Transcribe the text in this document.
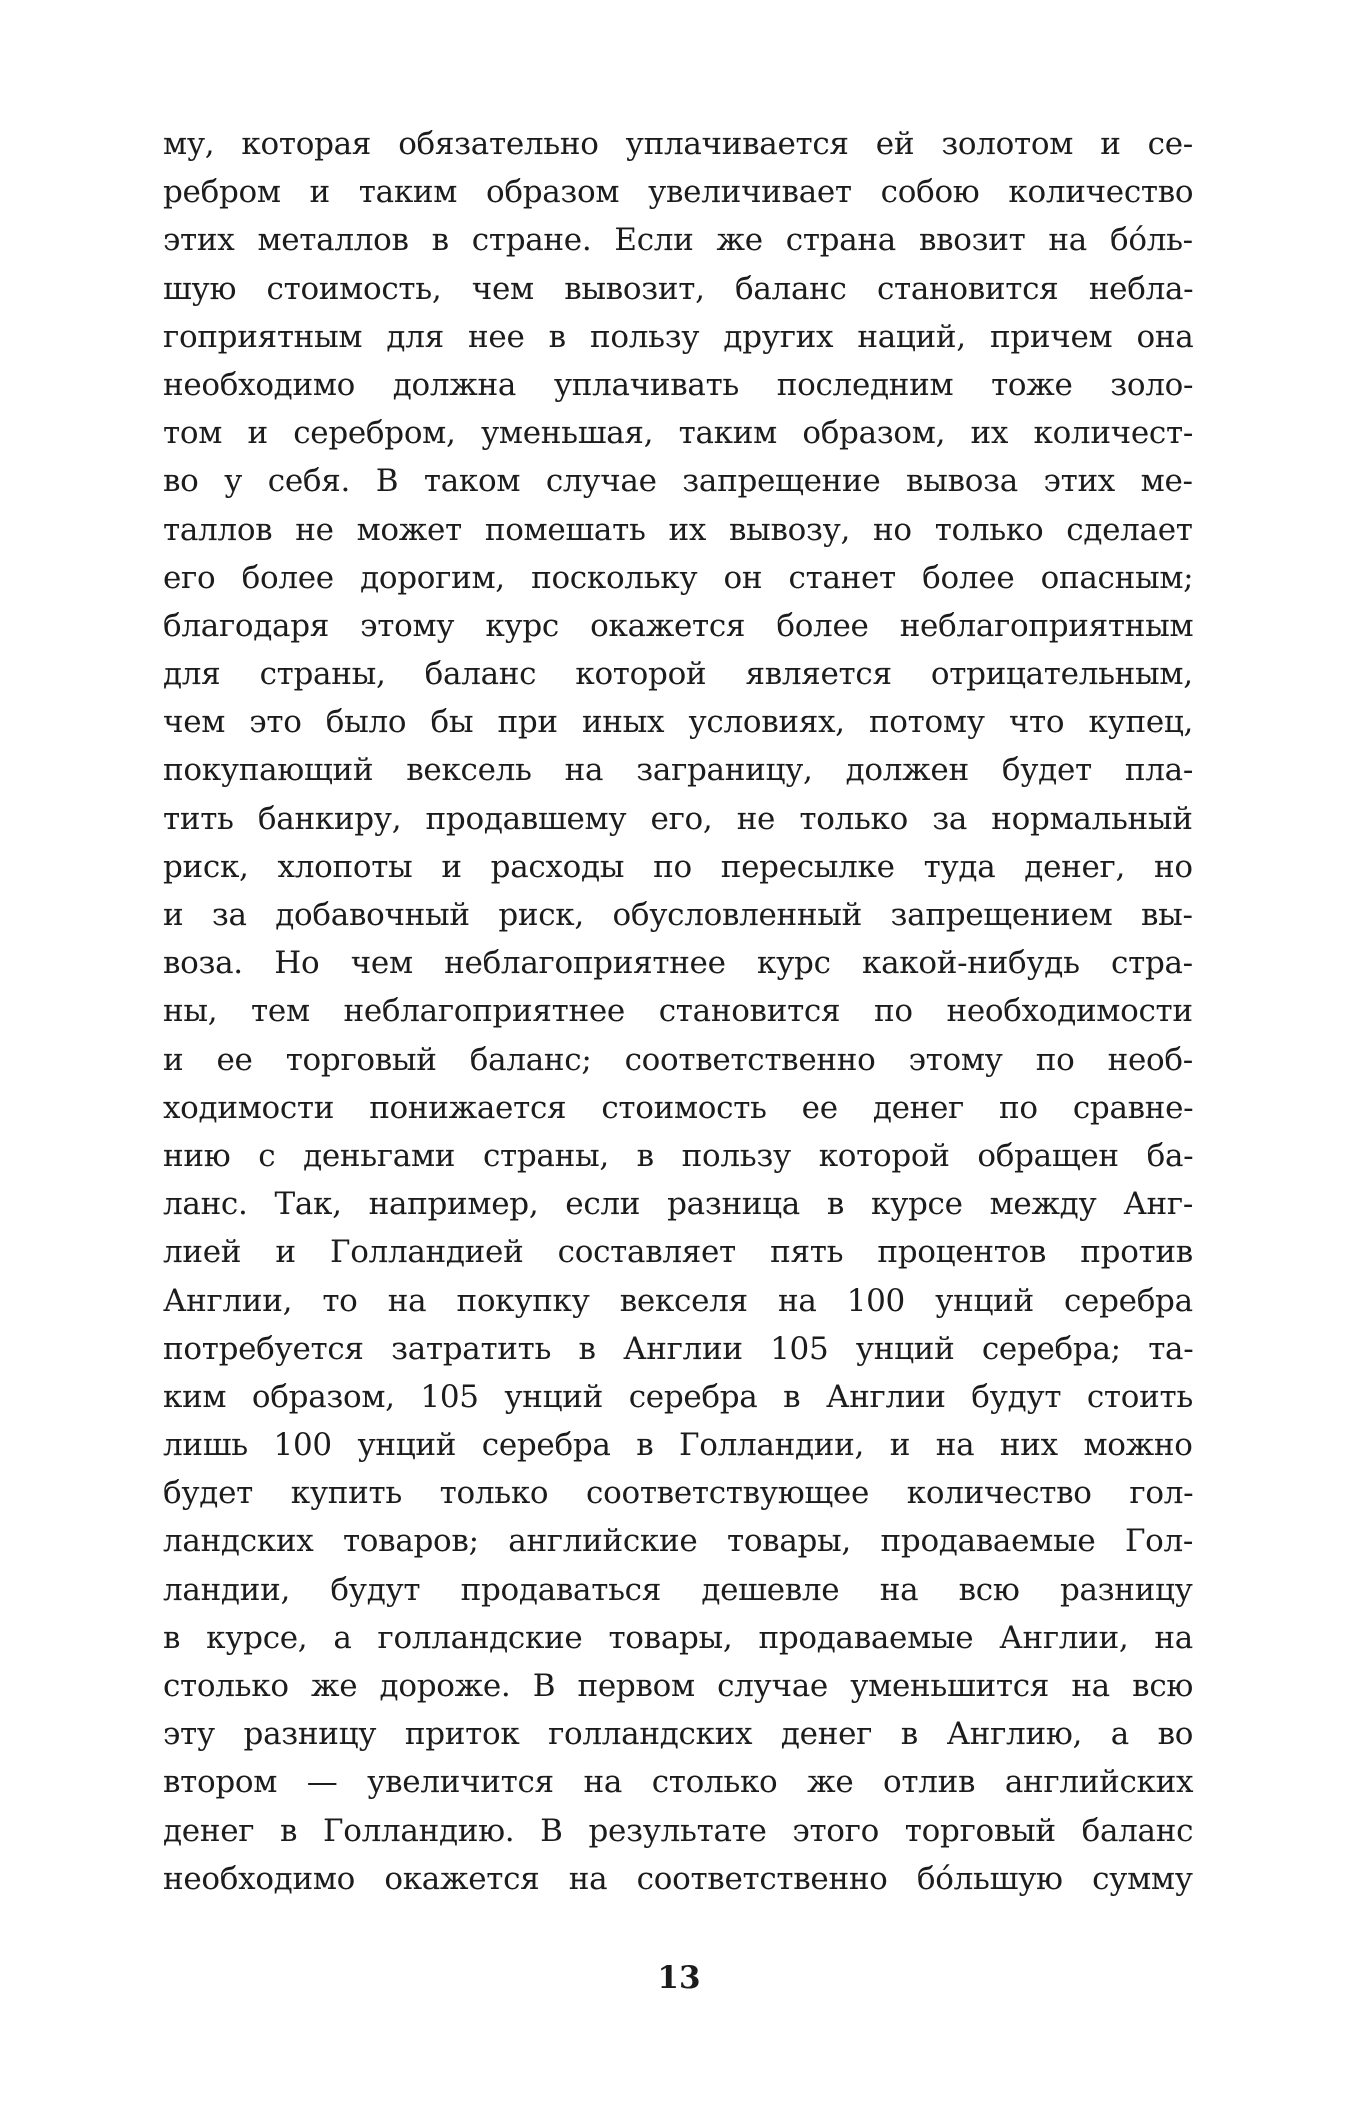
му, которая обязательно уплачивается ей золотом и се-
ребром и таким образом увеличивает собою количество
этих металлов в стране. Если же страна ввозит на бóль-
шую стоимость, чем вывозит, баланс становится небла-
гоприятным для нее в пользу других наций, причем она
необходимо должна уплачивать последним тоже золо-
том и серебром, уменьшая, таким образом, их количест-
во у себя. В таком случае запрещение вывоза этих ме-
таллов не может помешать их вывозу, но только сделает
его более дорогим, поскольку он станет более опасным;
благодаря этому курс окажется более неблагоприятным
для страны, баланс которой является отрицательным,
чем это было бы при иных условиях, потому что купец,
покупающий вексель на заграницу, должен будет пла-
тить банкиру, продавшему его, не только за нормальный
риск, хлопоты и расходы по пересылке туда денег, но
и за добавочный риск, обусловленный запрещением вы-
воза. Но чем неблагоприятнее курс какой-нибудь стра-
ны, тем неблагоприятнее становится по необходимости
и ее торговый баланс; соответственно этому по необ-
ходимости понижается стоимость ее денег по сравне-
нию с деньгами страны, в пользу которой обращен ба-
ланс. Так, например, если разница в курсе между Анг-
лией и Голландией составляет пять процентов против
Англии, то на покупку векселя на 100 унций серебра
потребуется затратить в Англии 105 унций серебра; та-
ким образом, 105 унций серебра в Англии будут стоить
лишь 100 унций серебра в Голландии, и на них можно
будет купить только соответствующее количество гол-
ландских товаров; английские товары, продаваемые Гол-
ландии, будут продаваться дешевле на всю разницу
в курсе, а голландские товары, продаваемые Англии, на
столько же дороже. В первом случае уменьшится на всю
эту разницу приток голландских денег в Англию, а во
втором — увеличится на столько же отлив английских
денег в Голландию. В результате этого торговый баланс
необходимо окажется на соответственно бóльшую сумму
13
